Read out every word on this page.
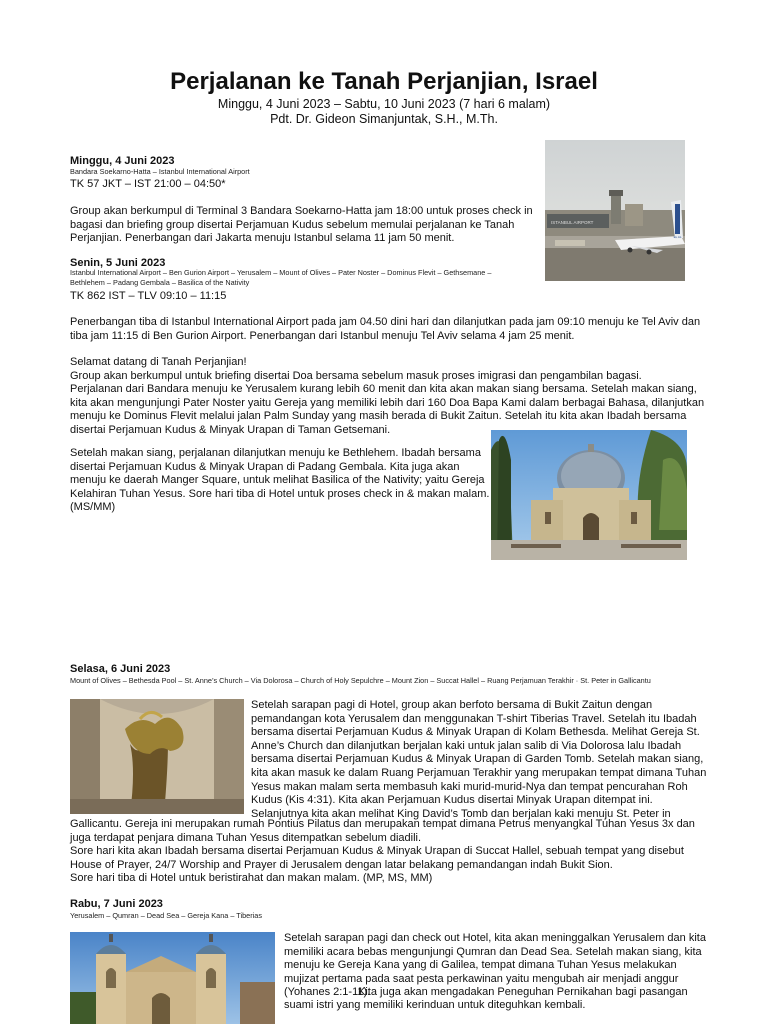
Perjalanan ke Tanah Perjanjian, Israel
Minggu, 4 Juni 2023 – Sabtu, 10 Juni 2023 (7 hari 6 malam)
Pdt. Dr. Gideon Simanjuntak, S.H., M.Th.
Minggu, 4 Juni 2023
Bandara Soekarno-Hatta – Istanbul International Airport
TK 57 JKT – IST 21:00 – 04:50*
Group akan berkumpul di Terminal 3 Bandara Soekarno-Hatta jam 18:00 untuk proses check in
bagasi dan briefing group disertai Perjamuan Kudus sebelum memulai perjalanan ke Tanah
Perjanjian. Penerbangan dari Jakarta menuju Istanbul selama 11 jam 50 menit.
ISTANBUL AIRPORT
EL AL
Senin, 5 Juni 2023
Istanbul International Airport – Ben Gurion Airport – Yerusalem – Mount of Olives – Pater Noster – Dominus Flevit – Gethsemane –
Bethlehem – Padang Gembala – Basilica of the Nativity
TK 862 IST – TLV 09:10 – 11:15
Penerbangan tiba di Istanbul International Airport pada jam 04.50 dini hari dan dilanjutkan pada jam 09:10 menuju ke Tel Aviv dan
tiba jam 11:15 di Ben Gurion Airport. Penerbangan dari Istanbul menuju Tel Aviv selama 4 jam 25 menit.
Selamat datang di Tanah Perjanjian!
Group akan berkumpul untuk briefing disertai Doa bersama sebelum masuk proses imigrasi dan pengambilan bagasi.
Perjalanan dari Bandara menuju ke Yerusalem kurang lebih 60 menit dan kita akan makan siang bersama. Setelah makan siang,
kita akan mengunjungi Pater Noster yaitu Gereja yang memiliki lebih dari 160 Doa Bapa Kami dalam berbagai Bahasa, dilanjutkan
menuju ke Dominus Flevit melalui jalan Palm Sunday yang masih berada di Bukit Zaitun. Setelah itu kita akan Ibadah bersama
disertai Perjamuan Kudus & Minyak Urapan di Taman Getsemani.
Setelah makan siang, perjalanan dilanjutkan menuju ke Bethlehem. Ibadah bersama
disertai Perjamuan Kudus & Minyak Urapan di Padang Gembala. Kita juga akan
menuju ke daerah Manger Square, untuk melihat Basilica of the Nativity; yaitu Gereja
Kelahiran Tuhan Yesus. Sore hari tiba di Hotel untuk proses check in & makan malam.
(MS/MM)
Selasa, 6 Juni 2023
Mount of Olives – Bethesda Pool – St. Anne’s Church – Via Dolorosa – Church of Holy Sepulchre – Mount Zion – Succat Hallel – Ruang Perjamuan Terakhir · St. Peter in Gallicantu
Setelah sarapan pagi di Hotel, group akan berfoto bersama di Bukit Zaitun dengan
pemandangan kota Yerusalem dan menggunakan T-shirt Tiberias Travel. Setelah itu Ibadah
bersama disertai Perjamuan Kudus & Minyak Urapan di Kolam Bethesda. Melihat Gereja St.
Anne’s Church dan dilanjutkan berjalan kaki untuk jalan salib di Via Dolorosa lalu Ibadah
bersama disertai Perjamuan Kudus & Minyak Urapan di Garden Tomb. Setelah makan siang,
kita akan masuk ke dalam Ruang Perjamuan Terakhir yang merupakan tempat dimana Tuhan
Yesus makan malam serta membasuh kaki murid-murid-Nya dan tempat pencurahan Roh
Kudus (Kis 4:31). Kita akan Perjamuan Kudus disertai Minyak Urapan ditempat ini.
Selanjutnya kita akan melihat King David’s Tomb dan berjalan kaki menuju St. Peter in
Gallicantu. Gereja ini merupakan rumah Pontius Pilatus dan merupakan tempat dimana Petrus menyangkal Tuhan Yesus 3x dan
juga terdapat penjara dimana Tuhan Yesus ditempatkan sebelum diadili.
Sore hari kita akan Ibadah bersama disertai Perjamuan Kudus & Minyak Urapan di Succat Hallel, sebuah tempat yang disebut
House of Prayer, 24/7 Worship and Prayer di Jerusalem dengan latar belakang pemandangan indah Bukit Sion.
Sore hari tiba di Hotel untuk beristirahat dan makan malam. (MP, MS, MM)
Rabu, 7 Juni 2023
Yerusalem – Qumran – Dead Sea – Gereja Kana – Tiberias
Setelah sarapan pagi dan check out Hotel, kita akan meninggalkan Yerusalem dan kita
memiliki acara bebas mengunjungi Qumran dan Dead Sea. Setelah makan siang, kita
menuju ke Gereja Kana yang di Galilea, tempat dimana Tuhan Yesus melakukan
mujizat pertama pada saat pesta perkawinan yaitu mengubah air menjadi anggur
(Yohanes 2:1-11).
Kita juga akan mengadakan Peneguhan Pernikahan bagi pasangan
suami istri yang memiliki kerinduan untuk diteguhkan kembali.
